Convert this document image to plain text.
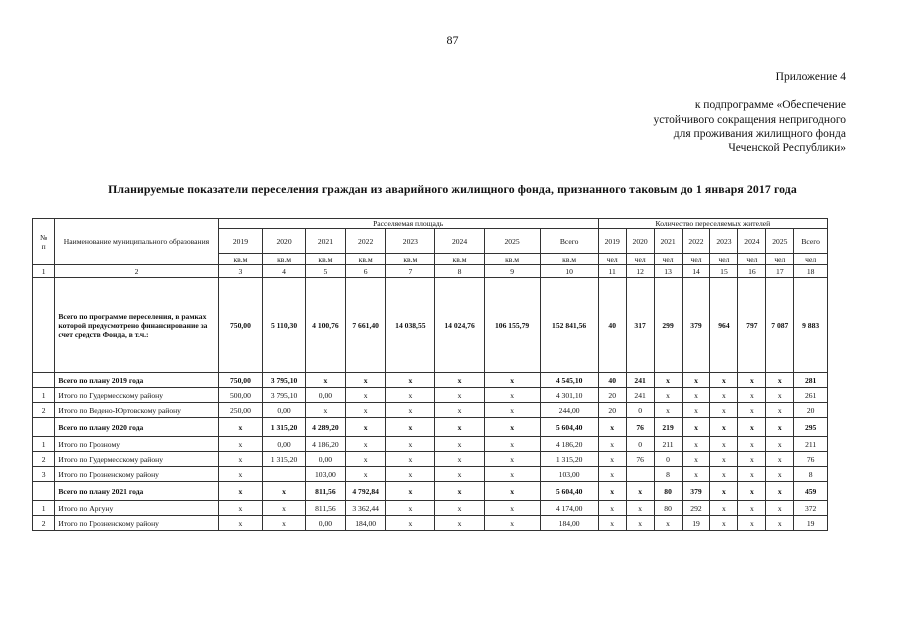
87
Приложение 4
к подпрограмме «Обеспечение
устойчивого сокращения непригодного
для проживания жилищного фонда
Чеченской Республики»
Планируемые показатели переселения граждан из аварийного жилищного фонда, признанного таковым до 1 января 2017 года
№
п	Наименование муниципального образования	Расселяемая площадь								Количество переселяемых жителей							
		2019	2020	2021	2022	2023	2024	2025	Всего	2019	2020	2021	2022	2023	2024	2025	Всего
		кв.м	кв.м	кв.м	кв.м	кв.м	кв.м	кв.м	кв.м	чел	чел	чел	чел	чел	чел	чел	чел
1	2	3	4	5	6	7	8	9	10	11	12	13	14	15	16	17	18
	Всего по программе переселения, в рамках которой предусмотрено финансирование за счет средств Фонда, в т.ч.:	750,00	5 110,30	4 100,76	7 661,40	14 038,55	14 024,76	106 155,79	152 841,56	40	317	299	379	964	797	7 087	9 883
	Всего по плану 2019 года	750,00	3 795,10	x	x	x	x	x	4 545,10	40	241	x	x	x	x	x	281
1	Итого по Гудермесскому району	500,00	3 795,10	0,00	x	x	x	x	4 301,10	20	241	x	x	x	x	x	261
2	Итого по Ведено-Юртовскому району	250,00	0,00	x	x	x	x	x	244,00	20	0	x	x	x	x	x	20
	Всего по плану 2020 года	x	1 315,20	4 289,20	x	x	x	x	5 604,40	x	76	219	x	x	x	x	295
1	Итого по Грозному	x	0,00	4 186,20	x	x	x	x	4 186,20	x	0	211	x	x	x	x	211
2	Итого по Гудермесскому району	x	1 315,20	0,00	x	x	x	x	1 315,20	x	76	0	x	x	x	x	76
3	Итого по Грозненскому району	x		103,00	x	x	x	x	103,00	x		8	x	x	x	x	8
	Всего по плану 2021 года	x	x	811,56	4 792,84	x	x	x	5 604,40	x	x	80	379	x	x	x	459
1	Итого по Аргуну	x	x	811,56	3 362,44	x	x	x	4 174,00	x	x	80	292	x	x	x	372
2	Итого по Грозненскому району	x	x	0,00	184,00	x	x	x	184,00	x	x	x	19	x	x	x	19
